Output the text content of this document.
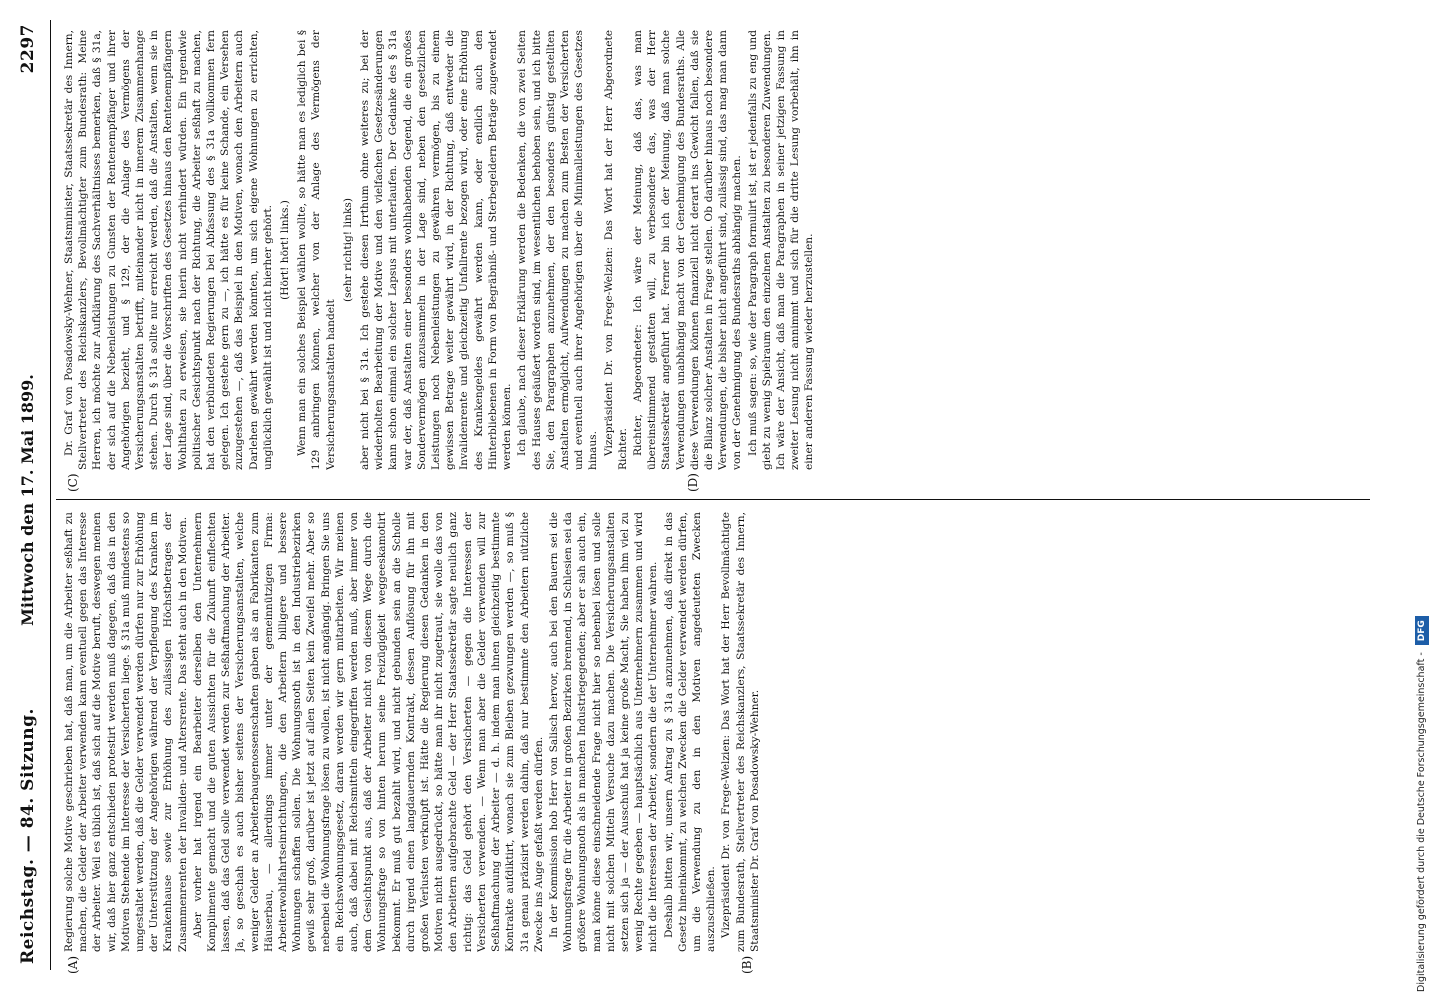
Reichstag. — 84. Sitzung.
Mittwoch den 17. Mai 1899.
2297
(A)	(B)
(C)	(D)

Regierung solche Motive geschrieben hat, daß man, um die Arbeiter seßhaft zu machen, die Gelder der Arbeiter verwenden kann eventuell gegen das Interesse der Arbeiter. Weil es üblich ist, daß sich auf die Motive beruft, deswegen meinen wir, daß hier ganz entschieden protestirt werden muß dagegen, daß das in den Motiven Stehende im Interesse der Versicherten liege. § 31a muß mindestens so umgestaltet werden, daß die Gelder verwendet werden dürfen nur zur Erhöhung der Unterstützung der Angehörigen während der Verpflegung des Kranken im Krankenhause sowie zur Erhöhung des zulässigen Höchstbetrages der Zusammenrenten der Invaliden- und Altersrente. Das steht auch in den Motiven. Aber vorher hat irgend ein Bearbeiter derselben den Unternehmern Komplimente gemacht und die guten Aussichten für die Zukunft einflechten lassen, daß das Geld solle verwendet werden zur Seßhaftmachung der Arbeiter. Ja, so geschah es auch bisher seitens der Versicherungsanstalten, welche weniger Gelder an Arbeiterbaugenossenschaften gaben als an Fabrikanten zum Häuserbau, — allerdings immer unter der gemeinnützigen Firma: Arbeiterwohlfahrtseinrichtungen, die den Arbeitern billigere und bessere Wohnungen schaffen sollen. Die Wohnungsnoth ist in den Industriebezirken gewiß sehr groß, darüber ist jetzt auf allen Seiten kein Zweifel mehr. Aber so nebenbei die Wohnungsfrage lösen zu wollen, ist nicht angängig. Bringen Sie uns ein Reichswohnungsgesetz, daran werden wir gern mitarbeiten. Wir meinen auch, daß dabei mit Reichsmitteln eingegriffen werden muß, aber immer von dem Gesichtspunkt aus, daß der Arbeiter nicht von diesem Wege durch die Wohnungsfrage so von hinten herum seine Freizügigkeit weggeeskamotirt bekommt. Er muß gut bezahlt wird, und nicht gebunden sein an die Scholle durch irgend einen langdauernden Kontrakt, dessen Auflösung für ihn mit großen Verlusten verknüpft ist. Hätte die Regierung diesen Gedanken in den Motiven nicht ausgedrückt, so hätte man ihr nicht zugetraut, sie wolle das von den Arbeitern aufgebrachte Geld — der Herr Staatssekretär sagte neulich ganz richtig: das Geld gehört den Versicherten — gegen die Interessen der Versicherten verwenden. — Wenn man aber die Gelder verwenden will zur Seßhaftmachung der Arbeiter — d. h. indem man ihnen gleichzeitig bestimmte Kontrakte aufdiktirt, wonach sie zum Bleiben gezwungen werden —, so muß § 31a genau präzisirt werden dahin, daß nur bestimmte den Arbeitern nützliche Zwecke ins Auge gefaßt werden dürfen. In der Kommission hob Herr von Salisch hervor, auch bei den Bauern sei die Wohnungsfrage für die Arbeiter in großen Bezirken brennend, in Schlesien sei da größere Wohnungsnoth als in manchen Industriegegenden; aber er sah auch ein, man könne diese einschneidende Frage nicht hier so nebenbei lösen und solle nicht mit solchen Mitteln Versuche dazu machen. Die Versicherungsanstalten setzen sich ja — der Ausschuß hat ja keine große Macht, Sie haben ihm viel zu wenig Rechte gegeben — hauptsächlich aus Unternehmern zusammen und wird nicht die Interessen der Arbeiter, sondern die der Unternehmer wahren. Deshalb bitten wir, unsern Antrag zu § 31a anzunehmen, daß direkt in das Gesetz hineinkommt, zu welchen Zwecken die Gelder verwendet werden dürfen, um die Verwendung zu den in den Motiven angedeuteten Zwecken auszuschließen. Vizepräsident Dr. von Frege-Welzien: Das Wort hat der Herr Bevollmächtigte zum Bundesrath, Stellvertreter des Reichskanzlers, Staatssekretär des Innern, Staatsminister Dr. Graf von Posadowsky-Wehner.

Dr. Graf von Posadowsky-Wehner, Staatsminister, Staatssekretär des Innern, Stellvertreter des Reichskanzlers, Bevollmächtigter zum Bundesrath: Meine Herren, ich möchte zur Aufklärung des Sachverhältnisses bemerken, daß § 31a, der sich auf die Nebenleistungen zu Gunsten der Rentenempfänger und ihrer Angehörigen bezieht, und § 129, der die Anlage des Vermögens der Versicherungsanstalten betrifft, miteinander nicht in innerem Zusammenhange stehen. Durch § 31a sollte nur erreicht werden, daß die Anstalten, wenn sie in der Lage sind, über die Vorschriften des Gesetzes hinaus den Rentenempfängern Wohlthaten zu erweisen, sie hierin nicht verhindert würden. Ein irgendwie politischer Gesichtspunkt nach der Richtung, die Arbeiter seßhaft zu machen, hat den verbündeten Regierungen bei Abfassung des § 31a vollkommen fern gelegen. Ich gestehe gern zu —, ich hätte es für keine Schande, ein Versehen zuzugestehen —, daß das Beispiel in den Motiven, wonach den Arbeitern auch Darlehen gewährt werden könnten, um sich eigene Wohnungen zu errichten, unglücklich gewählt ist und nicht hierher gehört. (Hört! hört! links.) Wenn man ein solches Beispiel wählen wollte, so hätte man es lediglich bei § 129 anbringen können, welcher von der Anlage des Vermögens der Versicherungsanstalten handelt

(sehr richtig! links) aber nicht bei § 31a. Ich gestehe diesen Irrthum ohne weiteres zu; bei der wiederholten Bearbeitung der Motive und den vielfachen Gesetzesänderungen kann schon einmal ein solcher Lapsus mit unterlaufen. Der Gedanke des § 31a war der, daß Anstalten einer besonders wohlhabenden Gegend, die ein großes Sondervermögen anzusammeln in der Lage sind, neben den gesetzlichen Leistungen noch Nebenleistungen zu gewähren vermögen, bis zu einem gewissen Betrage weiter gewährt wird, in der Richtung, daß entweder die Invalidenrente und gleichzeitig Unfallrente bezogen wird, oder eine Erhöhung des Krankengeldes gewährt werden kann, oder endlich auch den Hinterbliebenen in Form von Begräbniß- und Sterbegeldern Beträge zugewendet werden können. Ich glaube, nach dieser Erklärung werden die Bedenken, die von zwei Seiten des Hauses geäußert worden sind, im wesentlichen behoben sein, und ich bitte Sie, den Paragraphen anzunehmen, der den besonders günstig gestellten Anstalten ermöglicht, Aufwendungen zu machen zum Besten der Versicherten und eventuell auch ihrer Angehörigen über die Minimalleistungen des Gesetzes hinaus. Vizepräsident Dr. von Frege-Welzien: Das Wort hat der Herr Abgeordnete Richter. Richter, Abgeordneter: Ich wäre der Meinung, daß das, was man übereinstimmend gestatten will, zu verbesondere das, was der Herr Staatssekretär angeführt hat. Ferner bin ich der Meinung, daß man solche Verwendungen unabhängig macht von der Genehmigung des Bundesraths. Alle diese Verwendungen können finanziell nicht derart ins Gewicht fallen, daß sie die Bilanz solcher Anstalten in Frage stellen. Ob darüber hinaus noch besondere Verwendungen, die bisher nicht angeführt sind, zulässig sind, das mag man dann von der Genehmigung des Bundesraths abhängig machen. Ich muß sagen: so, wie der Paragraph formulirt ist, ist er jedenfalls zu eng und giebt zu wenig Spielraum den einzelnen Anstalten zu besonderen Zuwendungen. Ich wäre der Ansicht, daß man die Paragraphen in seiner jetzigen Fassung in zweiter Lesung nicht annimmt und sich für die dritte Lesung vorbehält, ihn in einer anderen Fassung wieder herzustellen.

Digitalisierung gefördert durch die Deutsche Forschungsgemeinschaft - DFG
